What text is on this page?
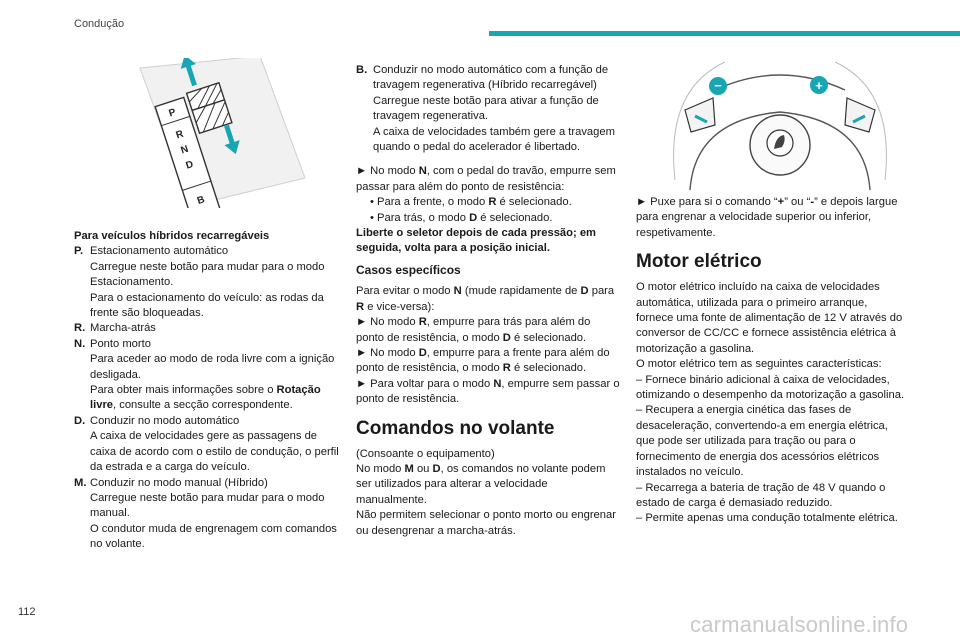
Condução
P
R
N
D
B
−	+

Para veículos híbridos recarregáveis

P. Estacionamento automático
Carregue neste botão para mudar para o modo Estacionamento.
Para o estacionamento do veículo: as rodas da frente são bloqueadas.
R. Marcha-atrás
N. Ponto morto
Para aceder ao modo de roda livre com a ignição desligada.
Para obter mais informações sobre o Rotação livre, consulte a secção correspondente.
D. Conduzir no modo automático
A caixa de velocidades gere as passagens de caixa de acordo com o estilo de condução, o perfil da estrada e a carga do veículo.
M. Conduzir no modo manual (Híbrido)
Carregue neste botão para mudar para o modo manual.
O condutor muda de engrenagem com comandos no volante.
B. Conduzir no modo automático com a função de travagem regenerativa (Híbrido recarregável)
Carregue neste botão para ativar a função de travagem regenerativa.
A caixa de velocidades também gere a travagem quando o pedal do acelerador é libertado.

► No modo N, com o pedal do travão, empurre sem passar para além do ponto de resistência:

• Para a frente, o modo R é selecionado.

• Para trás, o modo D é selecionado.

Liberte o seletor depois de cada pressão; em seguida, volta para a posição inicial.

Casos específicos

Para evitar o modo N (mude rapidamente de D para R e vice-versa):

► No modo R, empurre para trás para além do ponto de resistência, o modo D é selecionado.

► No modo D, empurre para a frente para além do ponto de resistência, o modo R é selecionado.

► Para voltar para o modo N, empurre sem passar o ponto de resistência.

Comandos no volante

(Consoante o equipamento)

No modo M ou D, os comandos no volante podem ser utilizados para alterar a velocidade manualmente.

Não permitem selecionar o ponto morto ou engrenar ou desengrenar a marcha-atrás.

► Puxe para si o comando “+” ou “-” e depois largue para engrenar a velocidade superior ou inferior, respetivamente.

Motor elétrico

O motor elétrico incluído na caixa de velocidades automática, utilizada para o primeiro arranque, fornece uma fonte de alimentação de 12 V através do conversor de CC/CC e fornece assistência elétrica à motorização a gasolina.

O motor elétrico tem as seguintes características:

– Fornece binário adicional à caixa de velocidades, otimizando o desempenho da motorização a gasolina.

– Recupera a energia cinética das fases de desaceleração, convertendo-a em energia elétrica, que pode ser utilizada para tração ou para o fornecimento de energia dos acessórios elétricos instalados no veículo.

– Recarrega a bateria de tração de 48 V quando o estado de carga é demasiado reduzido.

– Permite apenas uma condução totalmente elétrica.

112	carmanualsonline.info
